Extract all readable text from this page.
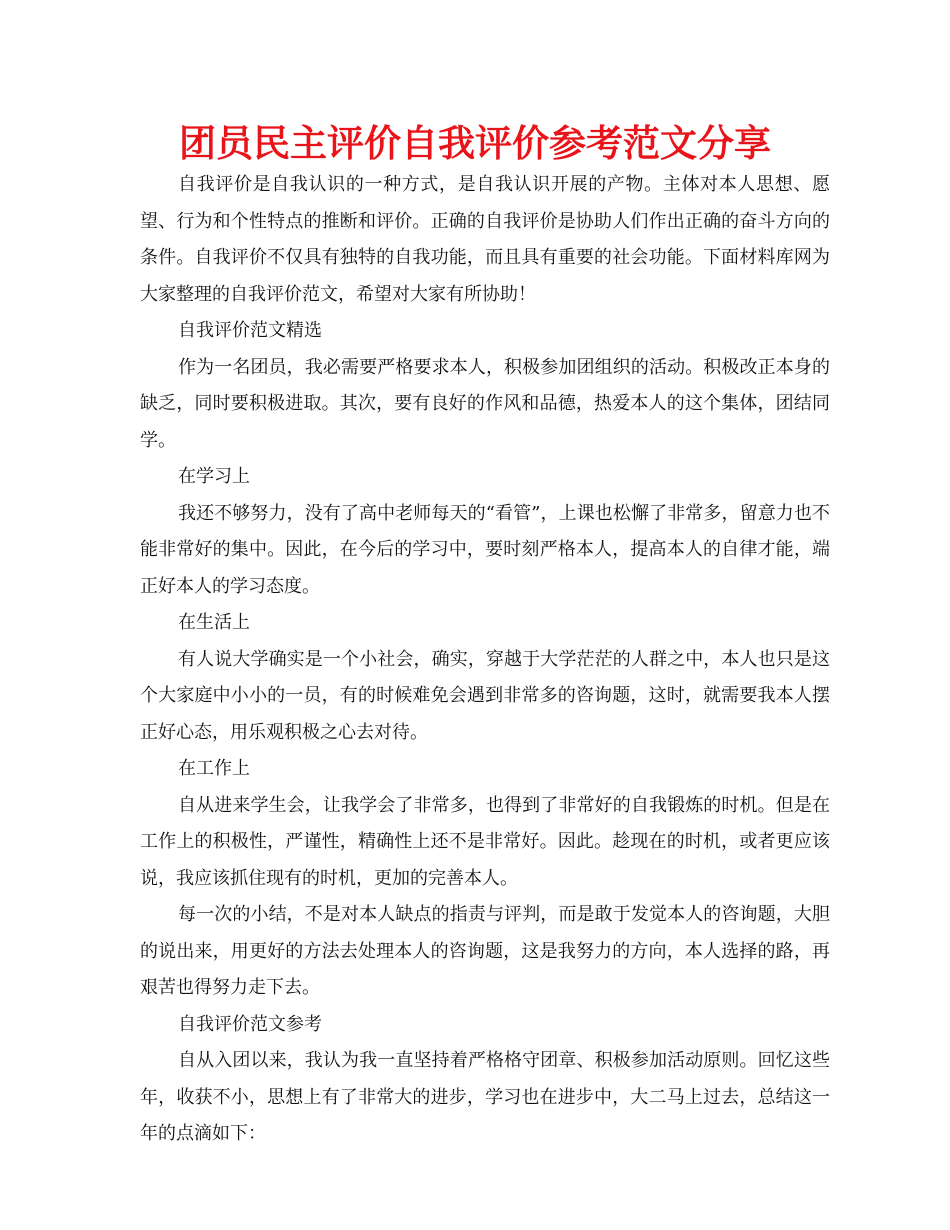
团员民主评价自我评价参考范文分享

自我评价是自我认识的一种方式，是自我认识开展的产物。主体对本人思想、愿望、行为和个性特点的推断和评价。正确的自我评价是协助人们作出正确的奋斗方向的条件。自我评价不仅具有独特的自我功能，而且具有重要的社会功能。下面材料库网为大家整理的自我评价范文，希望对大家有所协助！

自我评价范文精选

作为一名团员，我必需要严格要求本人，积极参加团组织的活动。积极改正本身的缺乏，同时要积极进取。其次，要有良好的作风和品德，热爱本人的这个集体，团结同学。

在学习上

我还不够努力，没有了高中老师每天的“看管”，上课也松懈了非常多，留意力也不能非常好的集中。因此，在今后的学习中，要时刻严格本人，提高本人的自律才能，端正好本人的学习态度。

在生活上

有人说大学确实是一个小社会，确实，穿越于大学茫茫的人群之中，本人也只是这个大家庭中小小的一员，有的时候难免会遇到非常多的咨询题，这时，就需要我本人摆正好心态，用乐观积极之心去对待。

在工作上

自从进来学生会，让我学会了非常多，也得到了非常好的自我锻炼的时机。但是在工作上的积极性，严谨性，精确性上还不是非常好。因此。趁现在的时机，或者更应该说，我应该抓住现有的时机，更加的完善本人。

每一次的小结，不是对本人缺点的指责与评判，而是敢于发觉本人的咨询题，大胆的说出来，用更好的方法去处理本人的咨询题，这是我努力的方向，本人选择的路，再艰苦也得努力走下去。

自我评价范文参考

自从入团以来，我认为我一直坚持着严格格守团章、积极参加活动原则。回忆这些年，收获不小，思想上有了非常大的进步，学习也在进步中，大二马上过去，总结这一年的点滴如下：
